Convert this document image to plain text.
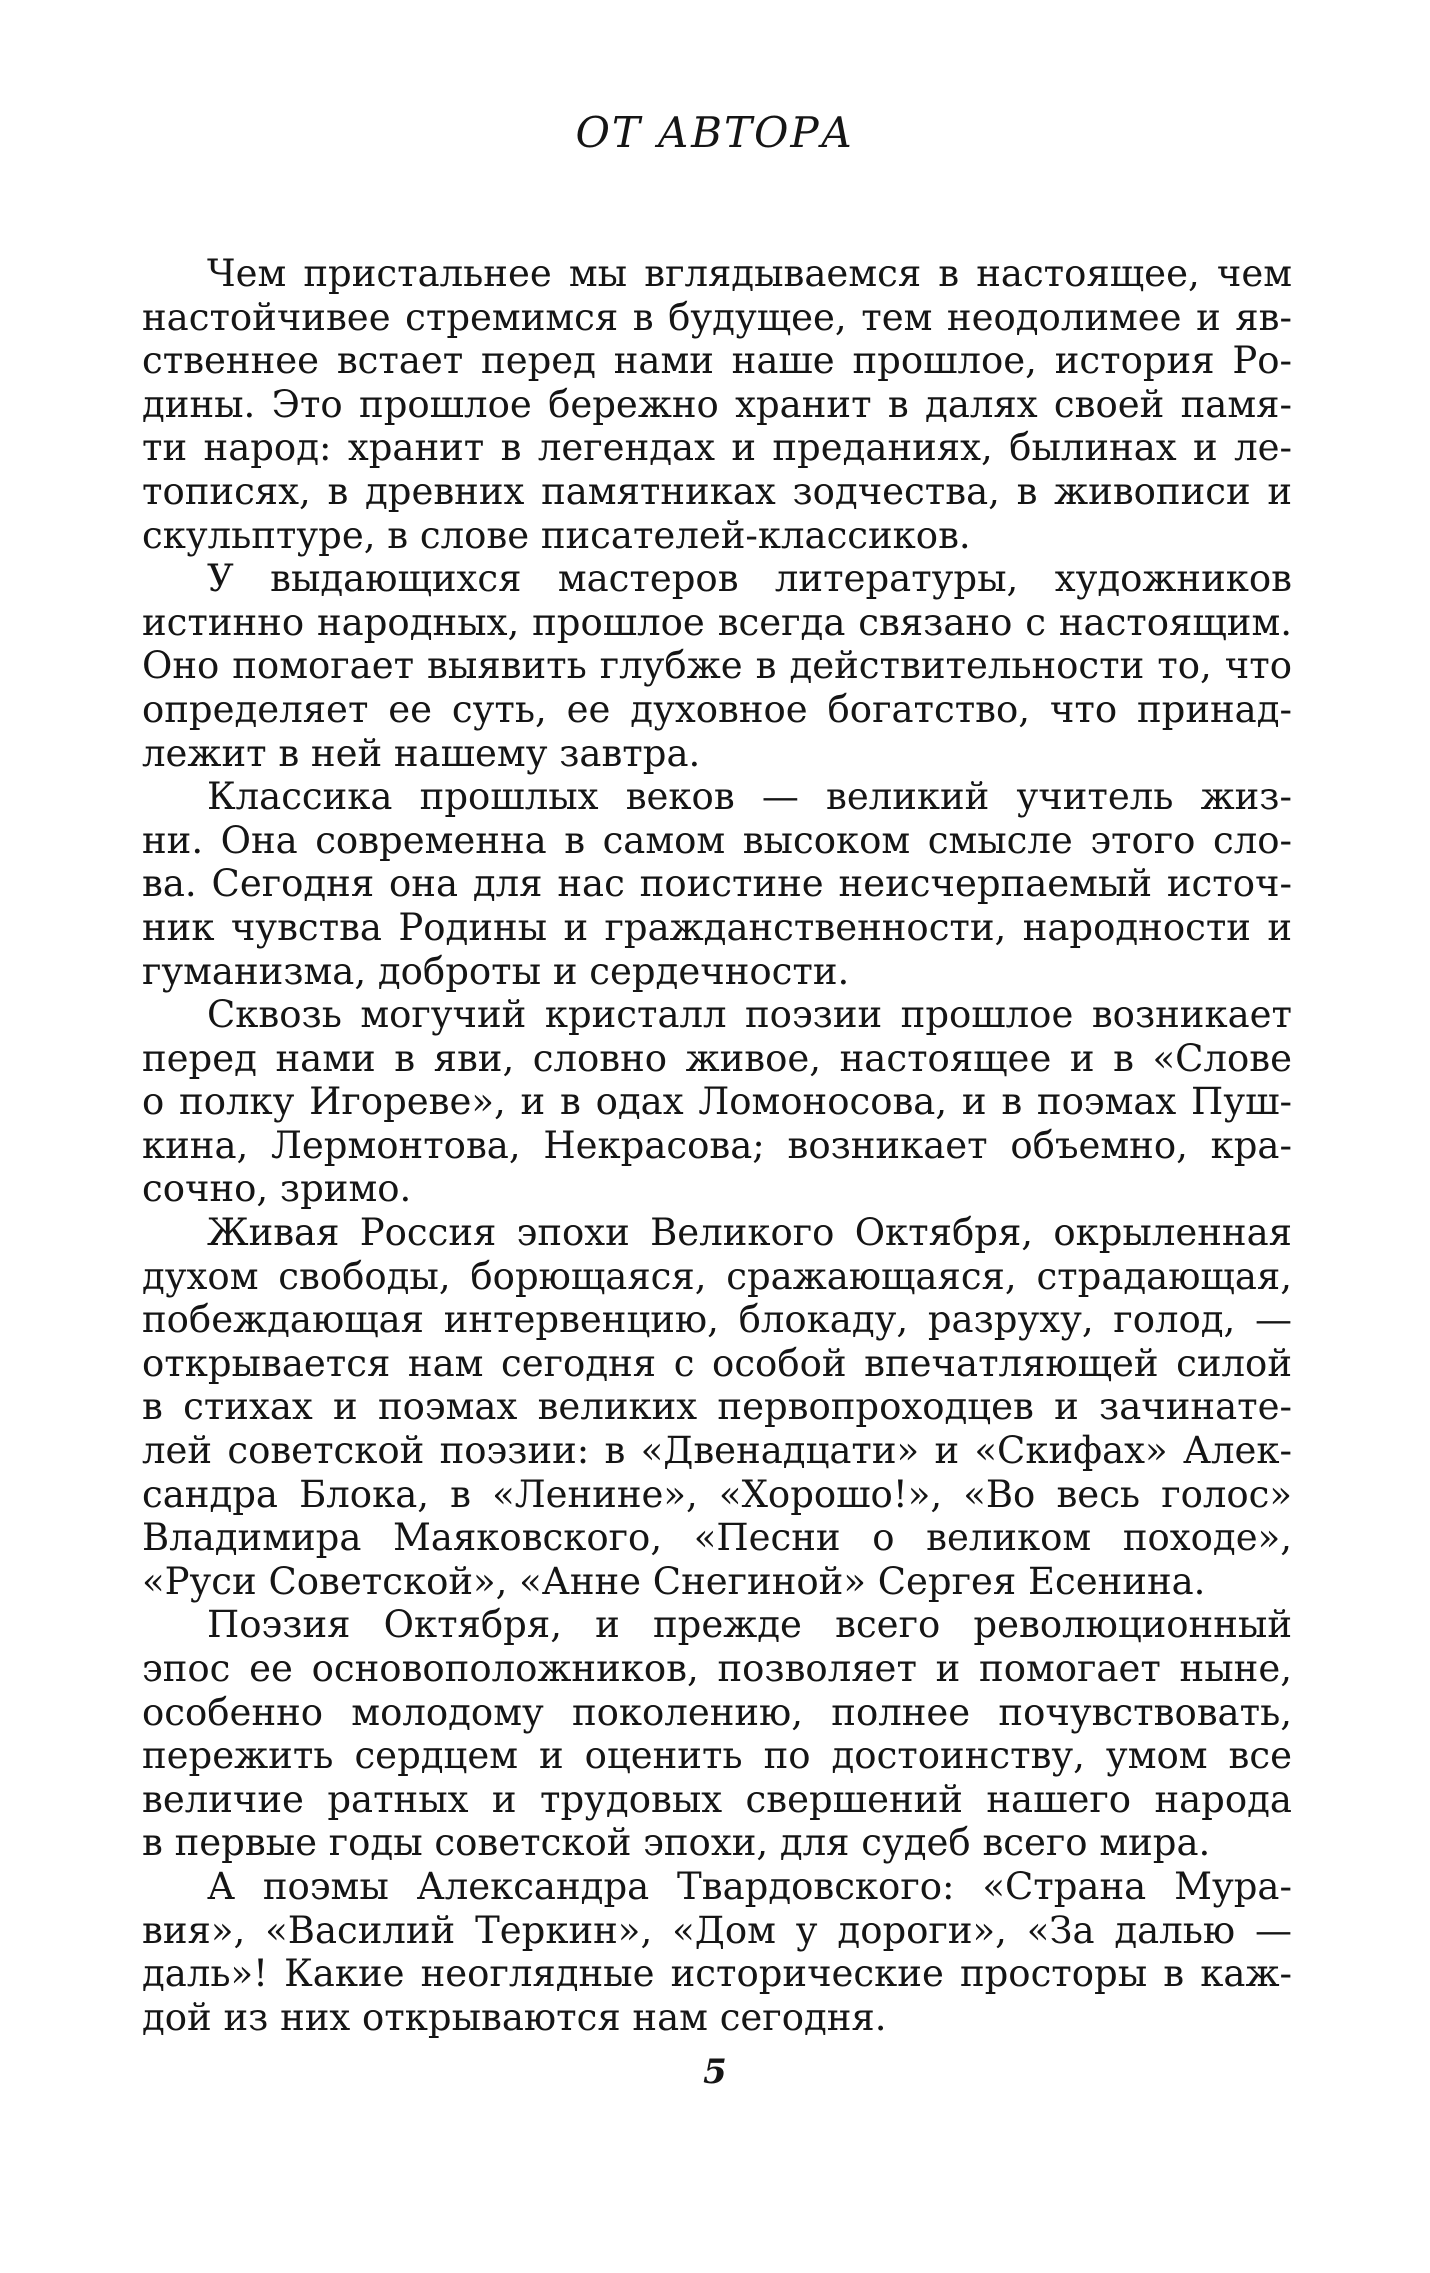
ОТ АВТОРА
Чем пристальнее мы вглядываемся в настоящее, чем
настойчивее стремимся в будущее, тем неодолимее и яв-
ственнее встает перед нами наше прошлое, история Ро-
дины. Это прошлое бережно хранит в далях своей памя-
ти народ: хранит в легендах и преданиях, былинах и ле-
тописях, в древних памятниках зодчества, в живописи и
скульптуре, в слове писателей-классиков.
У выдающихся мастеров литературы, художников
истинно народных, прошлое всегда связано с настоящим.
Оно помогает выявить глубже в действительности то, что
определяет ее суть, ее духовное богатство, что принад-
лежит в ней нашему завтра.
Классика прошлых веков — великий учитель жиз-
ни. Она современна в самом высоком смысле этого сло-
ва. Сегодня она для нас поистине неисчерпаемый источ-
ник чувства Родины и гражданственности, народности и
гуманизма, доброты и сердечности.
Сквозь могучий кристалл поэзии прошлое возникает
перед нами в яви, словно живое, настоящее и в «Слове
о полку Игореве», и в одах Ломоносова, и в поэмах Пуш-
кина, Лермонтова, Некрасова; возникает объемно, кра-
сочно, зримо.
Живая Россия эпохи Великого Октября, окрыленная
духом свободы, борющаяся, сражающаяся, страдающая,
побеждающая интервенцию, блокаду, разруху, голод, —
открывается нам сегодня с особой впечатляющей силой
в стихах и поэмах великих первопроходцев и зачинате-
лей советской поэзии: в «Двенадцати» и «Скифах» Алек-
сандра Блока, в «Ленине», «Хорошо!», «Во весь голос»
Владимира Маяковского, «Песни о великом походе»,
«Руси Советской», «Анне Снегиной» Сергея Есенина.
Поэзия Октября, и прежде всего революционный
эпос ее основоположников, позволяет и помогает ныне,
особенно молодому поколению, полнее почувствовать,
пережить сердцем и оценить по достоинству, умом все
величие ратных и трудовых свершений нашего народа
в первые годы советской эпохи, для судеб всего мира.
А поэмы Александра Твардовского: «Страна Мура-
вия», «Василий Теркин», «Дом у дороги», «За далью —
даль»! Какие неоглядные исторические просторы в каж-
дой из них открываются нам сегодня.
5
